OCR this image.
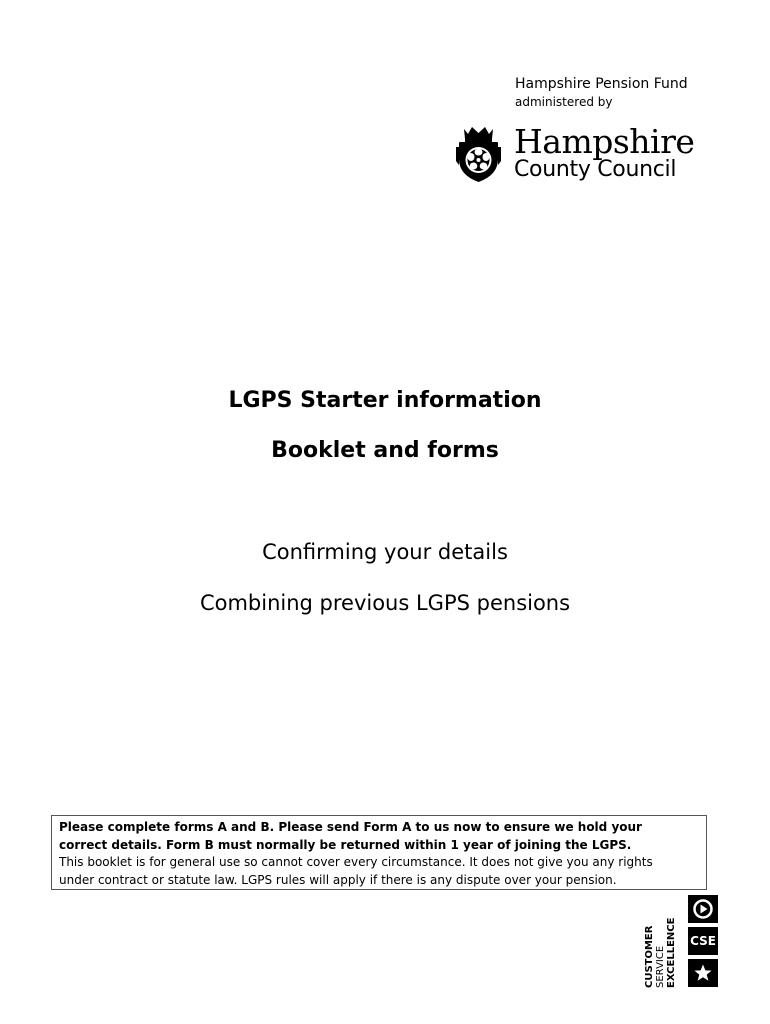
Hampshire Pension Fund
administered by
Hampshire
County Council
LGPS Starter information
Booklet and forms
Confirming your details
Combining previous LGPS pensions
Please complete forms A and B. Please send Form A to us now to ensure we hold your
correct details. Form B must normally be returned within 1 year of joining the LGPS.
This booklet is for general use so cannot cover every circumstance. It does not give you any rights
under contract or statute law. LGPS rules will apply if there is any dispute over your pension.
CUSTOMER SERVICE EXCELLENCE CSE
